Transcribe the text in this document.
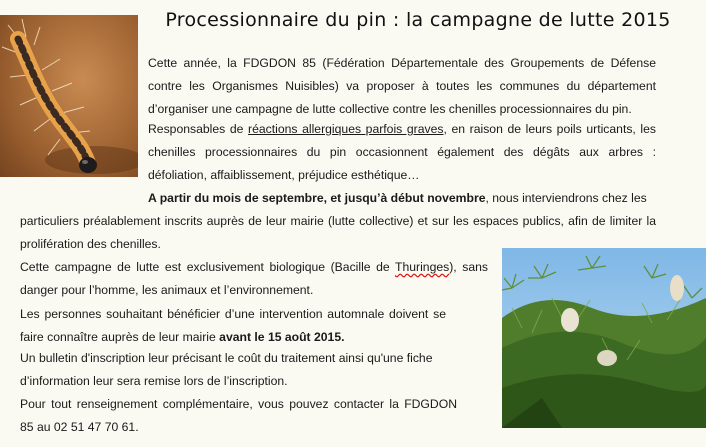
Processionnaire du pin : la campagne de lutte 2015

Cette année, la FDGDON 85 (Fédération Départementale des Groupements de Défense contre les Organismes Nuisibles) va proposer à toutes les communes du département d’organiser une campagne de lutte collective contre les chenilles processionnaires du pin.

Responsables de réactions allergiques parfois graves, en raison de leurs poils urticants, les chenilles processionnaires du pin occasionnent également des dégâts aux arbres : défoliation, affaiblissement, préjudice esthétique…

A partir du mois de septembre, et jusqu’à début novembre, nous interviendrons chez les

particuliers préalablement inscrits auprès de leur mairie (lutte collective) et sur les espaces publics, afin de limiter la prolifération des chenilles.

Cette campagne de lutte est exclusivement biologique (Bacille de Thuringes), sans danger pour l’homme, les animaux et l’environnement.

Les personnes souhaitant bénéficier d’une intervention automnale doivent se faire connaître auprès de leur mairie avant le 15 août 2015.

Un bulletin d'inscription leur précisant le coût du traitement ainsi qu'une fiche d’information leur sera remise lors de l’inscription.

Pour tout renseignement complémentaire, vous pouvez contacter la FDGDON 85 au 02 51 47 70 61.
